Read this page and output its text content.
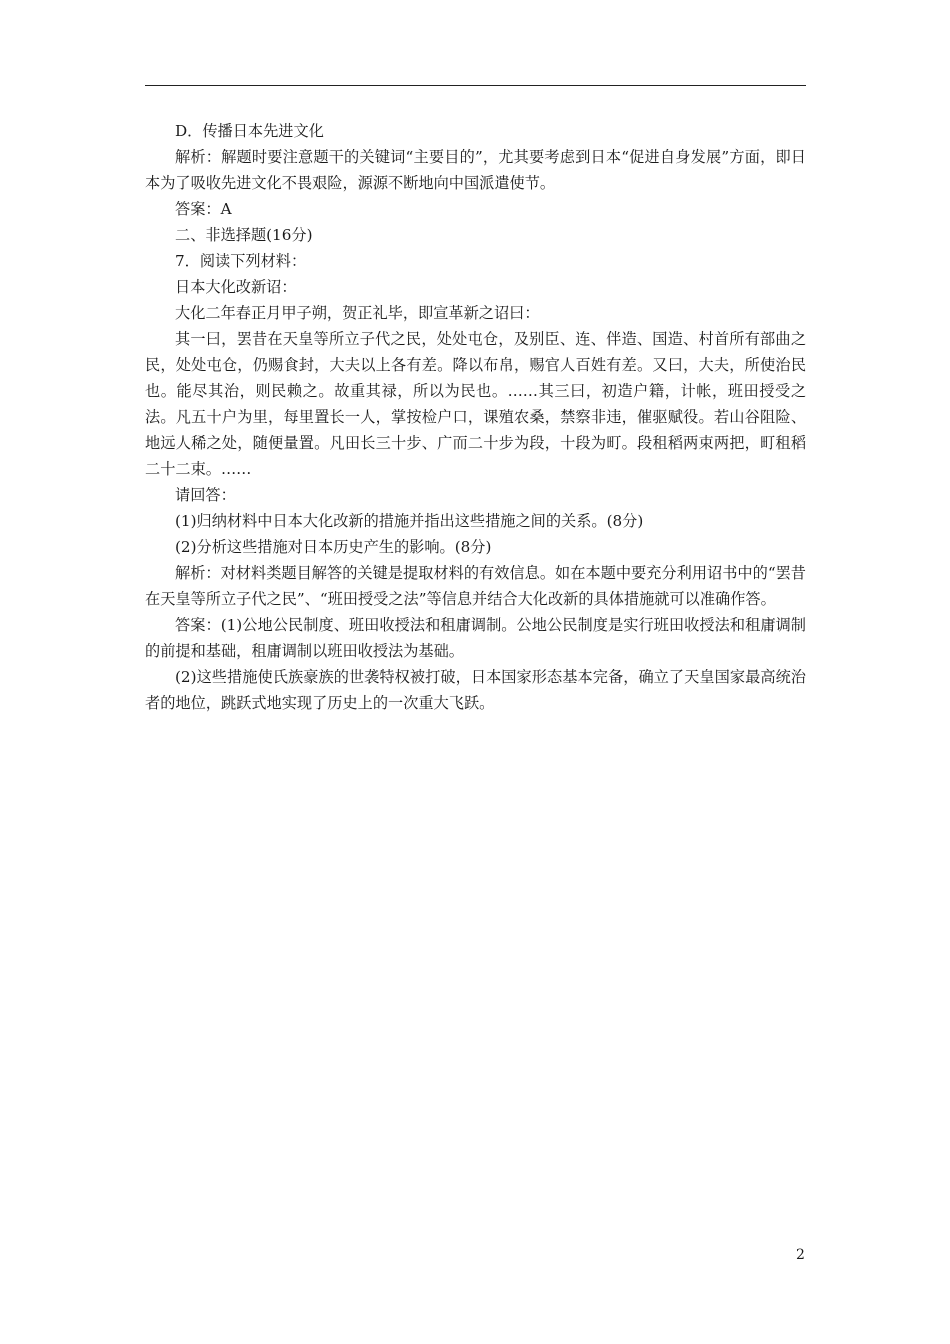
D．传播日本先进文化

解析：解题时要注意题干的关键词“主要目的”，尤其要考虑到日本“促进自身发展”方面，即日本为了吸收先进文化不畏艰险，源源不断地向中国派遣使节。

答案：A

二、非选择题(16分)

7．阅读下列材料：

日本大化改新诏：

大化二年春正月甲子朔，贺正礼毕，即宣革新之诏曰：

其一曰，罢昔在天皇等所立子代之民，处处屯仓，及别臣、连、伴造、国造、村首所有部曲之民，处处屯仓，仍赐食封，大夫以上各有差。降以布帛，赐官人百姓有差。又曰，大夫，所使治民也。能尽其治，则民赖之。故重其禄，所以为民也。……其三曰，初造户籍，计帐，班田授受之法。凡五十户为里，每里置长一人，掌按检户口，课殖农桑，禁察非违，催驱赋役。若山谷阻险、地远人稀之处，随便量置。凡田长三十步、广而二十步为段，十段为町。段租稻两束两把，町租稻二十二束。……

请回答：

(1)归纳材料中日本大化改新的措施并指出这些措施之间的关系。(8分)

(2)分析这些措施对日本历史产生的影响。(8分)

解析：对材料类题目解答的关键是提取材料的有效信息。如在本题中要充分利用诏书中的“罢昔在天皇等所立子代之民”、“班田授受之法”等信息并结合大化改新的具体措施就可以准确作答。

答案：(1)公地公民制度、班田收授法和租庸调制。公地公民制度是实行班田收授法和租庸调制的前提和基础，租庸调制以班田收授法为基础。

(2)这些措施使氏族豪族的世袭特权被打破，日本国家形态基本完备，确立了天皇国家最高统治者的地位，跳跃式地实现了历史上的一次重大飞跃。

2
